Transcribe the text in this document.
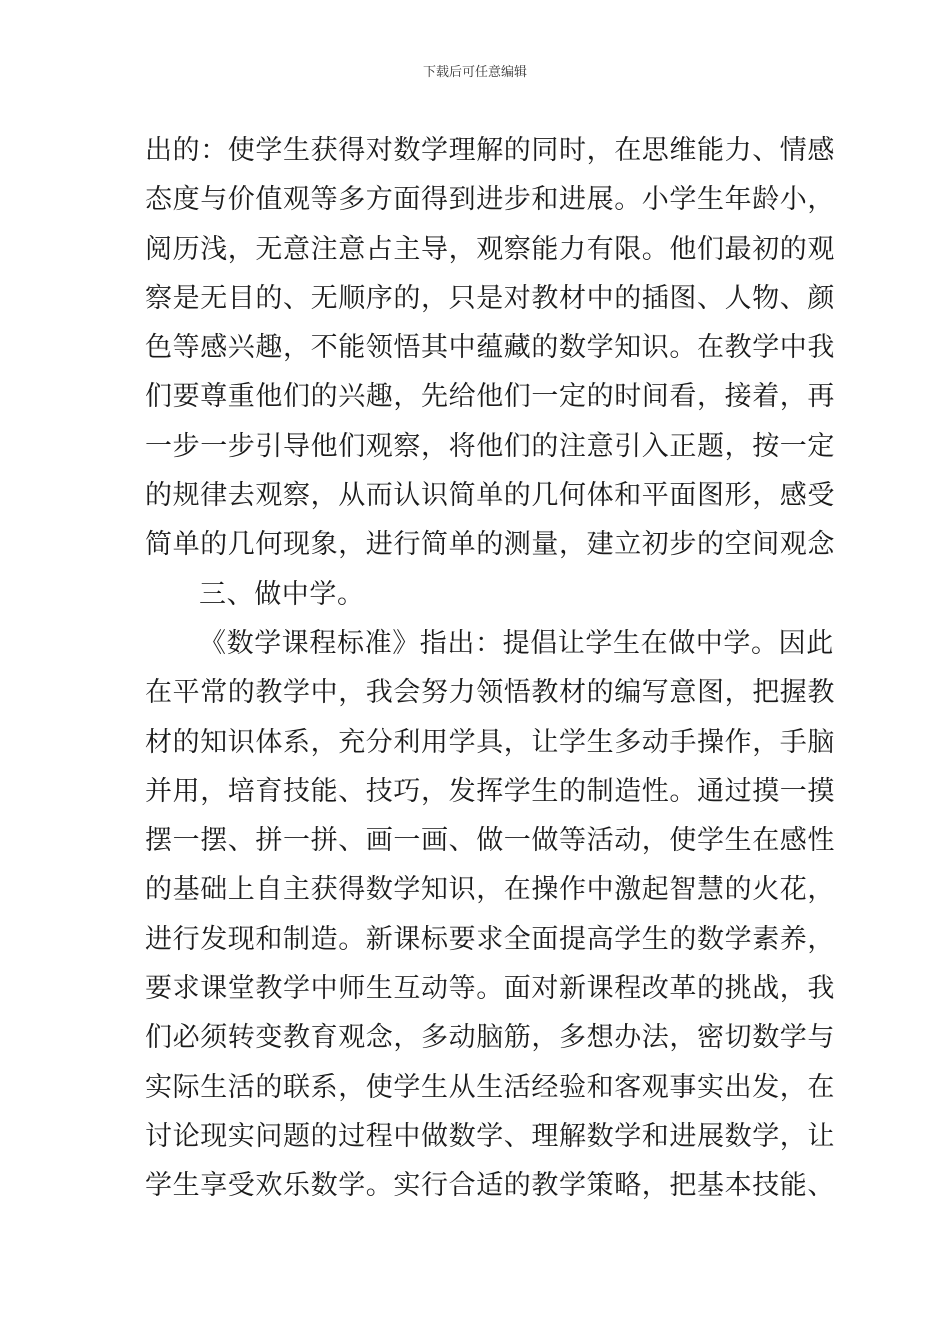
下载后可任意编辑
出的：使学生获得对数学理解的同时，在思维能力、情感
态度与价值观等多方面得到进步和进展。小学生年龄小，
阅历浅，无意注意占主导，观察能力有限。他们最初的观
察是无目的、无顺序的，只是对教材中的插图、人物、颜
色等感兴趣，不能领悟其中蕴藏的数学知识。在教学中我
们要尊重他们的兴趣，先给他们一定的时间看，接着，再
一步一步引导他们观察，将他们的注意引入正题，按一定
的规律去观察，从而认识简单的几何体和平面图形，感受
简单的几何现象，进行简单的测量，建立初步的空间观念
三、做中学。
《数学课程标准》指出：提倡让学生在做中学。因此
在平常的教学中，我会努力领悟教材的编写意图，把握教
材的知识体系，充分利用学具，让学生多动手操作，手脑
并用，培育技能、技巧，发挥学生的制造性。通过摸一摸
摆一摆、拼一拼、画一画、做一做等活动，使学生在感性
的基础上自主获得数学知识，在操作中激起智慧的火花，
进行发现和制造。新课标要求全面提高学生的数学素养，
要求课堂教学中师生互动等。面对新课程改革的挑战，我
们必须转变教育观念，多动脑筋，多想办法，密切数学与
实际生活的联系，使学生从生活经验和客观事实出发，在
讨论现实问题的过程中做数学、理解数学和进展数学，让
学生享受欢乐数学。实行合适的教学策略，把基本技能、
